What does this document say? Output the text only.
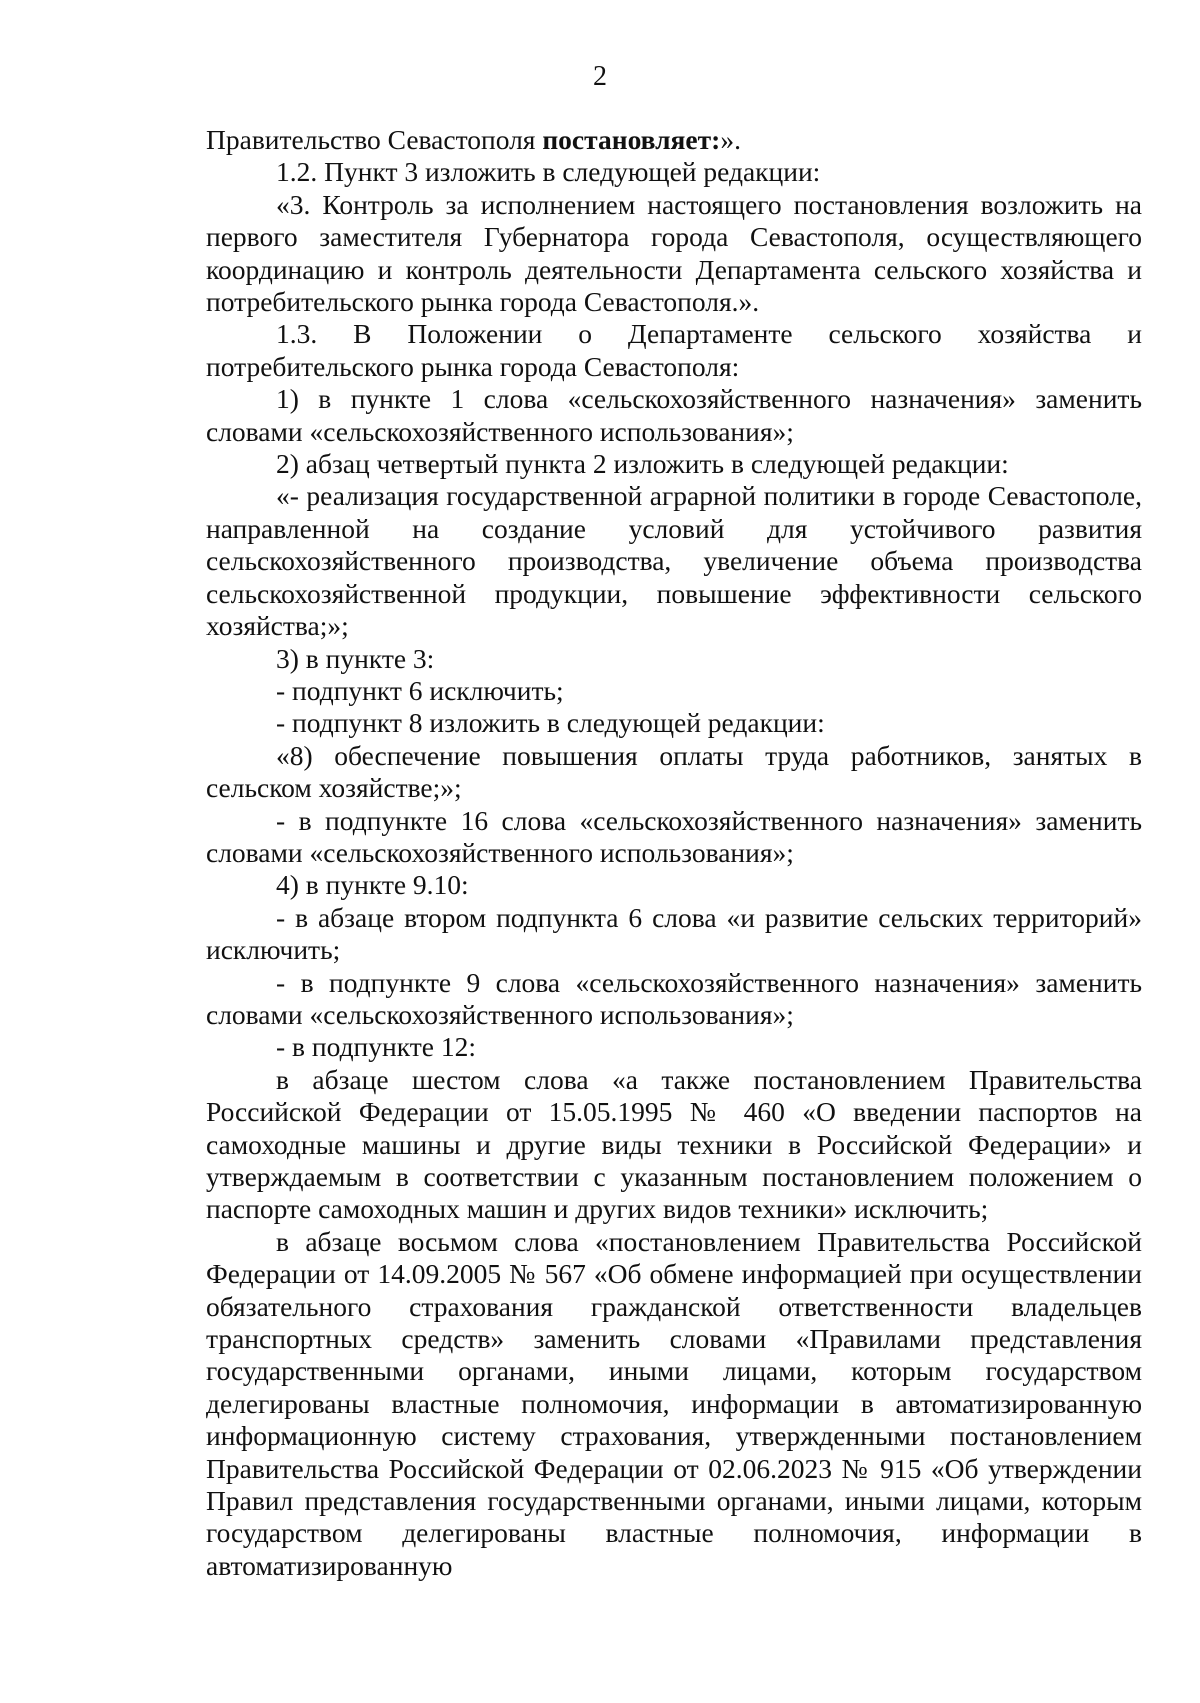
2

Правительство Севастополя постановляет:».

1.2. Пункт 3 изложить в следующей редакции:

«3. Контроль за исполнением настоящего постановления возложить на первого заместителя Губернатора города Севастополя, осуществляющего координацию и контроль деятельности Департамента сельского хозяйства и потребительского рынка города Севастополя.».

1.3. В Положении о Департаменте сельского хозяйства и потребительского рынка города Севастополя:

1) в пункте 1 слова «сельскохозяйственного назначения» заменить словами «сельскохозяйственного использования»;

2) абзац четвертый пункта 2 изложить в следующей редакции:

«- реализация государственной аграрной политики в городе Севастополе, направленной на создание условий для устойчивого развития сельскохозяйственного производства, увеличение объема производства сельскохозяйственной продукции, повышение эффективности сельского хозяйства;»;

3) в пункте 3:

- подпункт 6 исключить;

- подпункт 8 изложить в следующей редакции:

«8) обеспечение повышения оплаты труда работников, занятых в сельском хозяйстве;»;

- в подпункте 16 слова «сельскохозяйственного назначения» заменить словами «сельскохозяйственного использования»;

4) в пункте 9.10:

- в абзаце втором подпункта 6 слова «и развитие сельских территорий» исключить;

- в подпункте 9 слова «сельскохозяйственного назначения» заменить словами «сельскохозяйственного использования»;

- в подпункте 12:

в абзаце шестом слова «а также постановлением Правительства Российской Федерации от 15.05.1995 № 460 «О введении паспортов на самоходные машины и другие виды техники в Российской Федерации» и утверждаемым в соответствии с указанным постановлением положением о паспорте самоходных машин и других видов техники» исключить;

в абзаце восьмом слова «постановлением Правительства Российской Федерации от 14.09.2005 № 567 «Об обмене информацией при осуществлении обязательного страхования гражданской ответственности владельцев транспортных средств» заменить словами «Правилами представления государственными органами, иными лицами, которым государством делегированы властные полномочия, информации в автоматизированную информационную систему страхования, утвержденными постановлением Правительства Российской Федерации от 02.06.2023 № 915 «Об утверждении Правил представления государственными органами, иными лицами, которым государством делегированы властные полномочия, информации в автоматизированную
